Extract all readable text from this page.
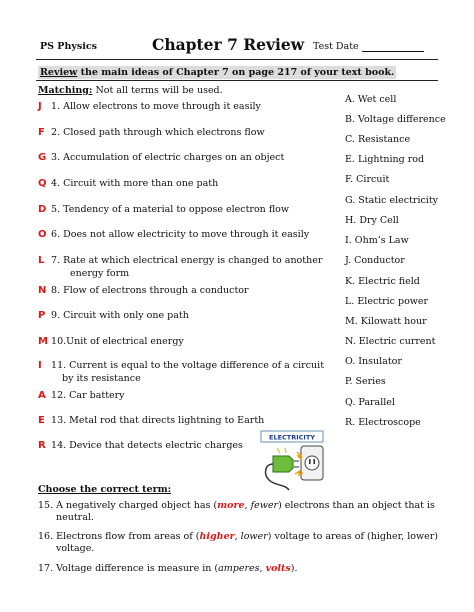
PS Physics	Chapter 7 Review Test Date
Review the main ideas of Chapter 7 on page 217 of your text book.
Matching: Not all terms will be used.
J 1. Allow electrons to move through it easily
F 2. Closed path through which electrons flow
G 3. Accumulation of electric charges on an object
Q 4. Circuit with more than one path
D 5. Tendency of a material to oppose electron flow
O 6. Does not allow electricity to move through it easily
L 7. Rate at which electrical energy is changed to another
energy form
N 8. Flow of electrons through a conductor
P 9. Circuit with only one path
M 10.Unit of electrical energy
I 11. Current is equal to the voltage difference of a circuit
by its resistance
A 12. Car battery
E 13. Metal rod that directs lightning to Earth
R 14. Device that detects electric charges
A. Wet cell
B. Voltage difference
C. Resistance
E. Lightning rod
F. Circuit
G. Static electricity
H. Dry Cell
I. Ohm’s Law
J. Conductor
K. Electric field
L. Electric power
M. Kilowatt hour
N. Electric current
O. Insulator
P. Series
Q. Parallel
R. Electroscope
ELECTRICITY
Choose the correct term:
15. A negatively charged object has (more, fewer) electrons than an object that is
neutral.
16. Electrons flow from areas of (higher, lower) voltage to areas of (higher, lower)
voltage.
17. Voltage difference is measure in (amperes, volts).
